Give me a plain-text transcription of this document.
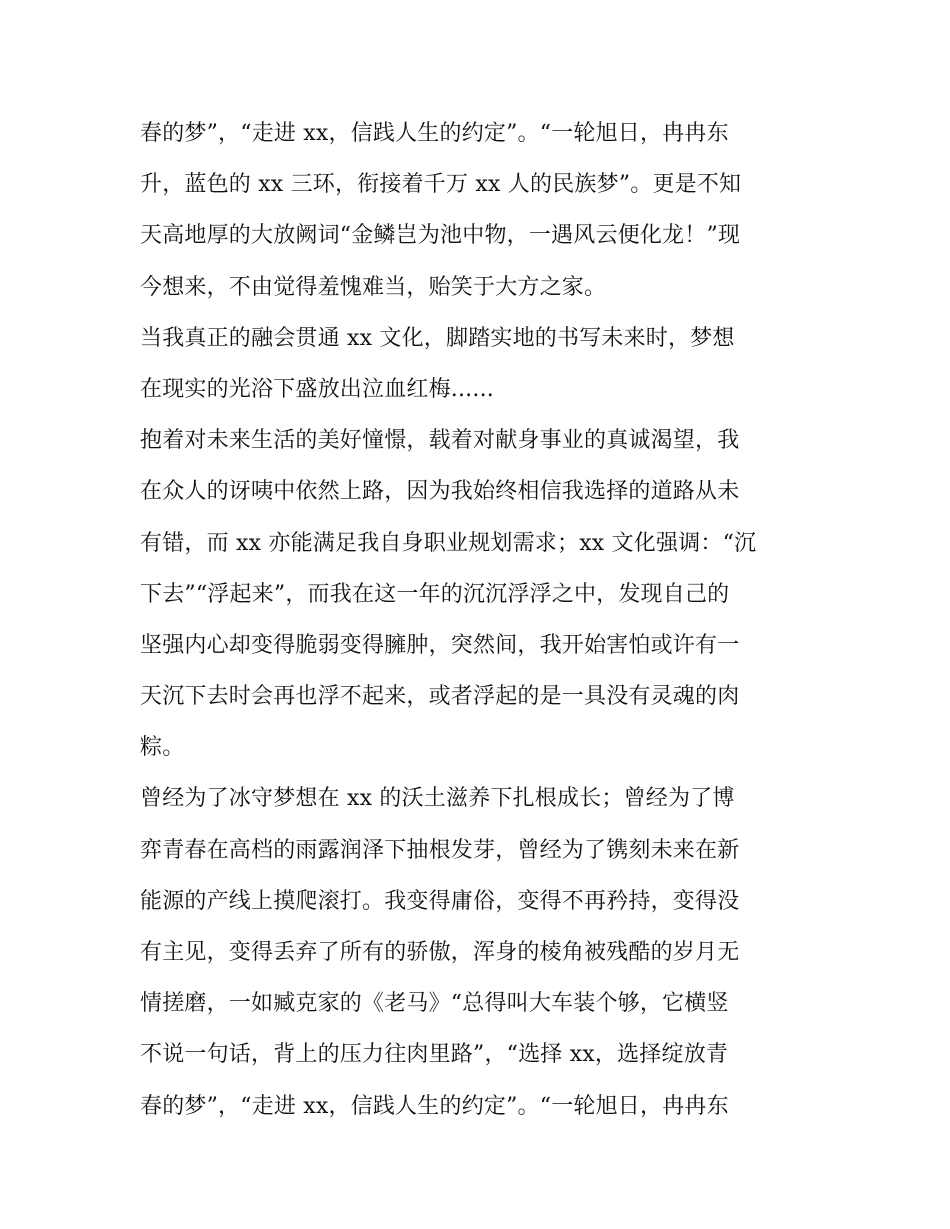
春的梦”，“走进 xx，信践人生的约定”。“一轮旭日，冉冉东
升，蓝色的 xx 三环，衔接着千万 xx 人的民族梦”。更是不知
天高地厚的大放阙词“金鳞岂为池中物，一遇风云便化龙！”现
今想来，不由觉得羞愧难当，贻笑于大方之家。
当我真正的融会贯通 xx 文化，脚踏实地的书写未来时，梦想
在现实的光浴下盛放出泣血红梅......
抱着对未来生活的美好憧憬，载着对献身事业的真诚渴望，我
在众人的讶咦中依然上路，因为我始终相信我选择的道路从未
有错，而 xx 亦能满足我自身职业规划需求；xx 文化强调：“沉
下去”“浮起来”，而我在这一年的沉沉浮浮之中，发现自己的
坚强内心却变得脆弱变得臃肿，突然间，我开始害怕或许有一
天沉下去时会再也浮不起来，或者浮起的是一具没有灵魂的肉
粽。
曾经为了冰守梦想在 xx 的沃土滋养下扎根成长；曾经为了博
弈青春在高档的雨露润泽下抽根发芽，曾经为了镌刻未来在新
能源的产线上摸爬滚打。我变得庸俗，变得不再矜持，变得没
有主见，变得丢弃了所有的骄傲，浑身的棱角被残酷的岁月无
情搓磨，一如臧克家的《老马》“总得叫大车装个够，它横竖
不说一句话，背上的压力往肉里路”，“选择 xx，选择绽放青
春的梦”，“走进 xx，信践人生的约定”。“一轮旭日，冉冉东
